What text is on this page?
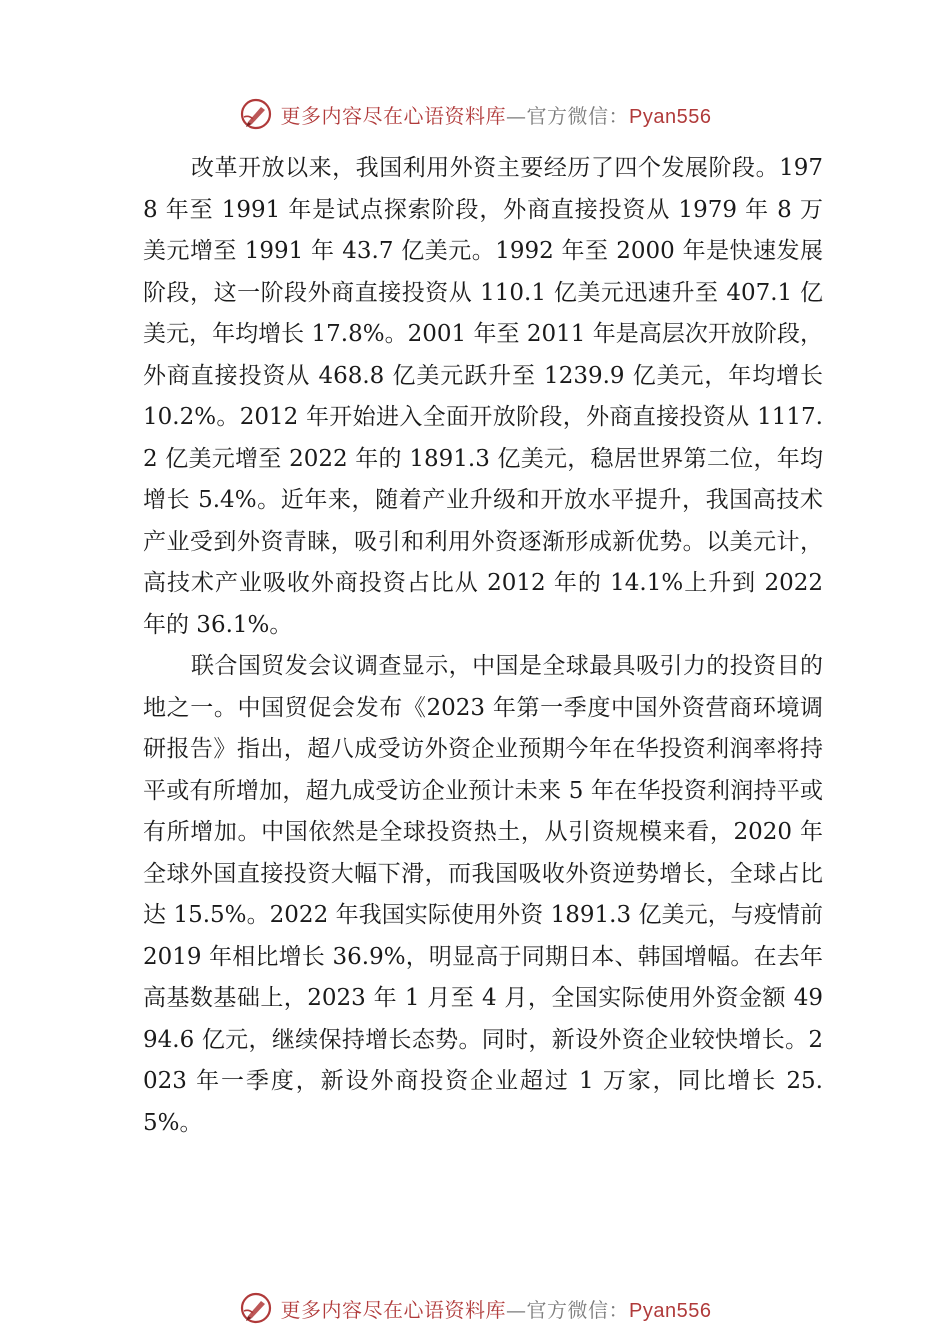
更多内容尽在心语资料库—官方微信：Pyan556

改革开放以来，我国利用外资主要经历了四个发展阶段。1978 年至 1991 年是试点探索阶段，外商直接投资从 1979 年 8 万美元增至 1991 年 43.7 亿美元。1992 年至 2000 年是快速发展阶段，这一阶段外商直接投资从 110.1 亿美元迅速升至 407.1 亿美元，年均增长 17.8%。2001 年至 2011 年是高层次开放阶段，外商直接投资从 468.8 亿美元跃升至 1239.9 亿美元，年均增长 10.2%。2012 年开始进入全面开放阶段，外商直接投资从 1117.2 亿美元增至 2022 年的 1891.3 亿美元，稳居世界第二位，年均增长 5.4%。近年来，随着产业升级和开放水平提升，我国高技术产业受到外资青睐，吸引和利用外资逐渐形成新优势。以美元计，高技术产业吸收外商投资占比从 2012 年的 14.1%上升到 2022 年的 36.1%。

联合国贸发会议调查显示，中国是全球最具吸引力的投资目的地之一。中国贸促会发布《2023 年第一季度中国外资营商环境调研报告》指出，超八成受访外资企业预期今年在华投资利润率将持平或有所增加，超九成受访企业预计未来 5 年在华投资利润持平或有所增加。中国依然是全球投资热土，从引资规模来看，2020 年全球外国直接投资大幅下滑，而我国吸收外资逆势增长，全球占比达 15.5%。2022 年我国实际使用外资 1891.3 亿美元，与疫情前 2019 年相比增长 36.9%，明显高于同期日本、韩国增幅。在去年高基数基础上，2023 年 1 月至 4 月，全国实际使用外资金额 4994.6 亿元，继续保持增长态势。同时，新设外资企业较快增长。2023 年一季度，新设外商投资企业超过 1 万家，同比增长 25.5%。

更多内容尽在心语资料库—官方微信：Pyan556
